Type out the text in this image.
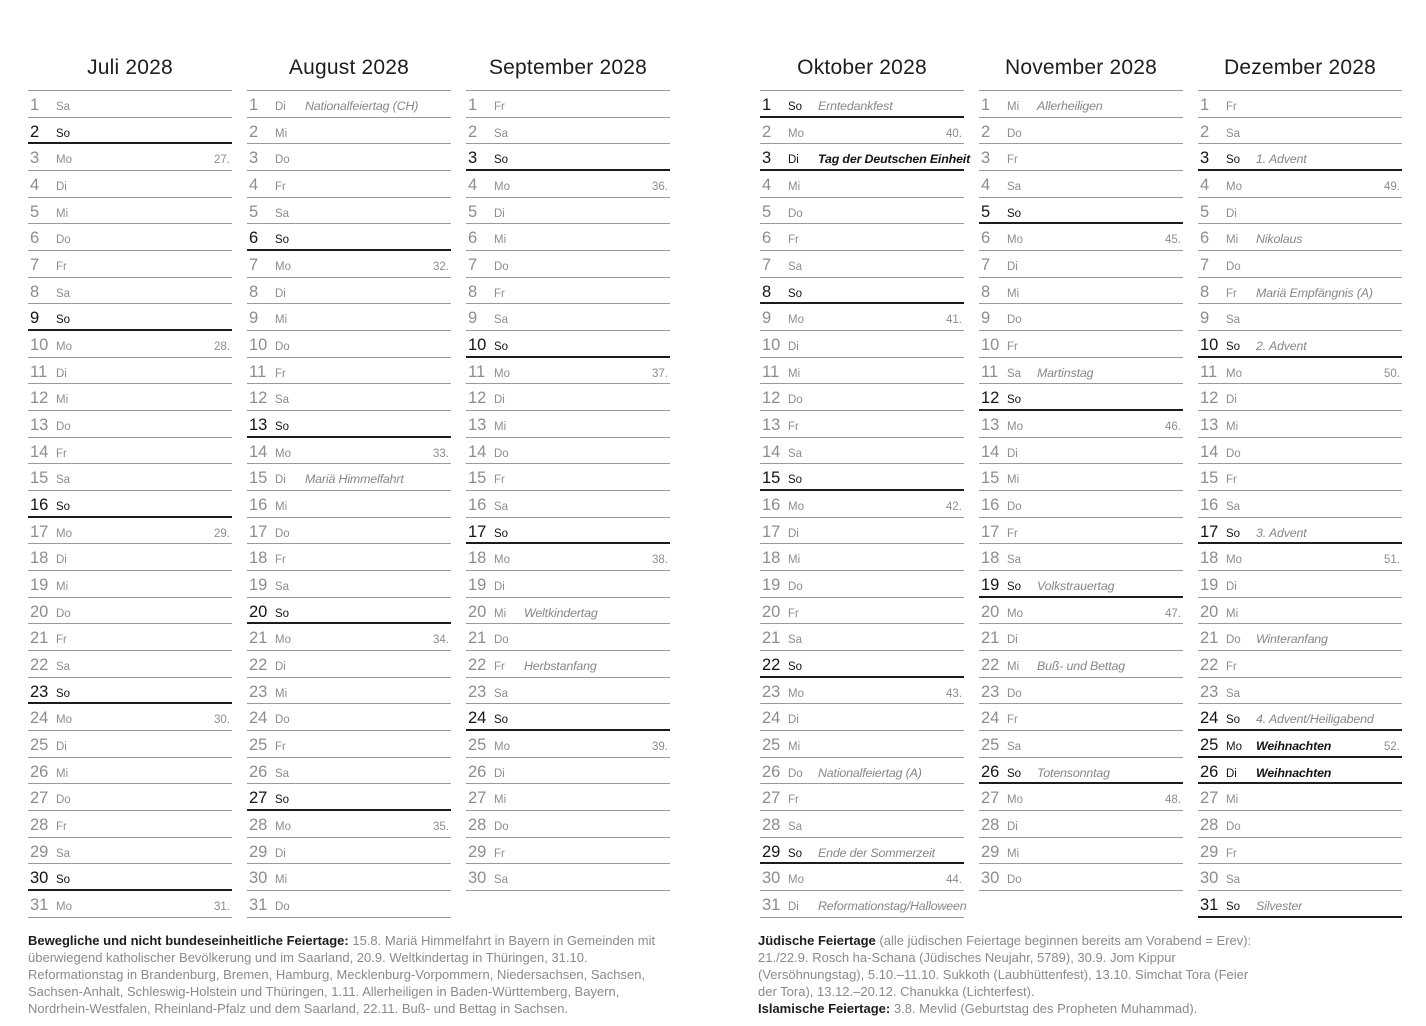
Juli 2028
1	Sa
2	So
3	Mo	27.
4	Di
5	Mi
6	Do
7	Fr
8	Sa
9	So
10 Mo	28.
11 Di
12 Mi
13 Do
14 Fr
15 Sa
16 So
17 Mo	29.
18 Di
19 Mi
20 Do
21 Fr
22 Sa
23 So
24 Mo	30.
25 Di
26 Mi
27 Do
28 Fr
29 Sa
30 So
31 Mo	31.
August 2028
1	Di	Nationalfeiertag (CH)
2	Mi
3	Do
4	Fr
5	Sa
6	So
7	Mo	32.
8	Di
9	Mi
10 Do
11 Fr
12 Sa
13 So
14 Mo	33.
15 Di	Mariä Himmelfahrt
16 Mi
17 Do
18 Fr
19 Sa
20 So
21 Mo	34.
22 Di
23 Mi
24 Do
25 Fr
26 Sa
27 So
28 Mo	35.
29 Di
30 Mi
31 Do
September 2028
1	Fr
2	Sa
3	So
4	Mo	36.
5	Di
6	Mi
7	Do
8	Fr
9	Sa
10 So
11 Mo	37.
12 Di
13 Mi
14 Do
15 Fr
16 Sa
17 So
18 Mo	38.
19 Di
20 Mi	Weltkindertag
21 Do
22 Fr	Herbstanfang
23 Sa
24 So
25 Mo	39.
26 Di
27 Mi
28 Do
29 Fr
30 Sa
Oktober 2028
1	So	Erntedankfest
2	Mo	40.
3	Di	Tag der Deutschen Einheit
4	Mi
5	Do
6	Fr
7	Sa
8	So
9	Mo	41.
10 Di
11 Mi
12 Do
13 Fr
14 Sa
15 So
16 Mo	42.
17 Di
18 Mi
19 Do
20 Fr
21 Sa
22 So
23 Mo	43.
24 Di
25 Mi
26 Do	Nationalfeiertag (A)
27 Fr
28 Sa
29 So	Ende der Sommerzeit
30 Mo	44.
31 Di	Reformationstag/Halloween
November 2028
1	Mi	Allerheiligen
2	Do
3	Fr
4	Sa
5	So
6	Mo	45.
7	Di
8	Mi
9	Do
10 Fr
11 Sa	Martinstag
12 So
13 Mo	46.
14 Di
15 Mi
16 Do
17 Fr
18 Sa
19 So	Volkstrauertag
20 Mo	47.
21 Di
22 Mi	Buß- und Bettag
23 Do
24 Fr
25 Sa
26 So	Totensonntag
27 Mo	48.
28 Di
29 Mi
30 Do
Dezember 2028
1	Fr
2	Sa
3	So	1. Advent
4	Mo	49.
5	Di
6	Mi	Nikolaus
7	Do
8	Fr	Mariä Empfängnis (A)
9	Sa
10 So	2. Advent
11 Mo	50.
12 Di
13 Mi
14 Do
15 Fr
16 Sa
17 So	3. Advent
18 Mo	51.
19 Di
20 Mi
21 Do	Winteranfang
22 Fr
23 Sa
24 So	4. Advent/Heiligabend
25 Mo	Weihnachten	52.
26 Di	Weihnachten
27 Mi
28 Do
29 Fr
30 Sa
31 So	Silvester

Bewegliche und nicht bundeseinheitliche Feiertage: 15.8. Mariä Himmelfahrt in Bayern in Gemeinden mit überwiegend katholischer Bevölkerung und im Saarland, 20.9. Weltkindertag in Thüringen, 31.10. Reformationstag in Brandenburg, Bremen, Hamburg, Mecklenburg-Vorpommern, Niedersachsen, Sachsen, Sachsen-Anhalt, Schleswig-Holstein und Thüringen, 1.11. Allerheiligen in Baden-Württemberg, Bayern, Nordrhein-Westfalen, Rheinland-Pfalz und dem Saarland, 22.11. Buß- und Bettag in Sachsen.

Jüdische Feiertage (alle jüdischen Feiertage beginnen bereits am Vorabend = Erev): 21./22.9. Rosch ha-Schana (Jüdisches Neujahr, 5789), 30.9. Jom Kippur (Versöhnungstag), 5.10.–11.10. Sukkoth (Laubhüttenfest), 13.10. Simchat Tora (Feier der Tora), 13.12.–20.12. Chanukka (Lichterfest).

Islamische Feiertage: 3.8. Mevlid (Geburtstag des Propheten Muhammad).
